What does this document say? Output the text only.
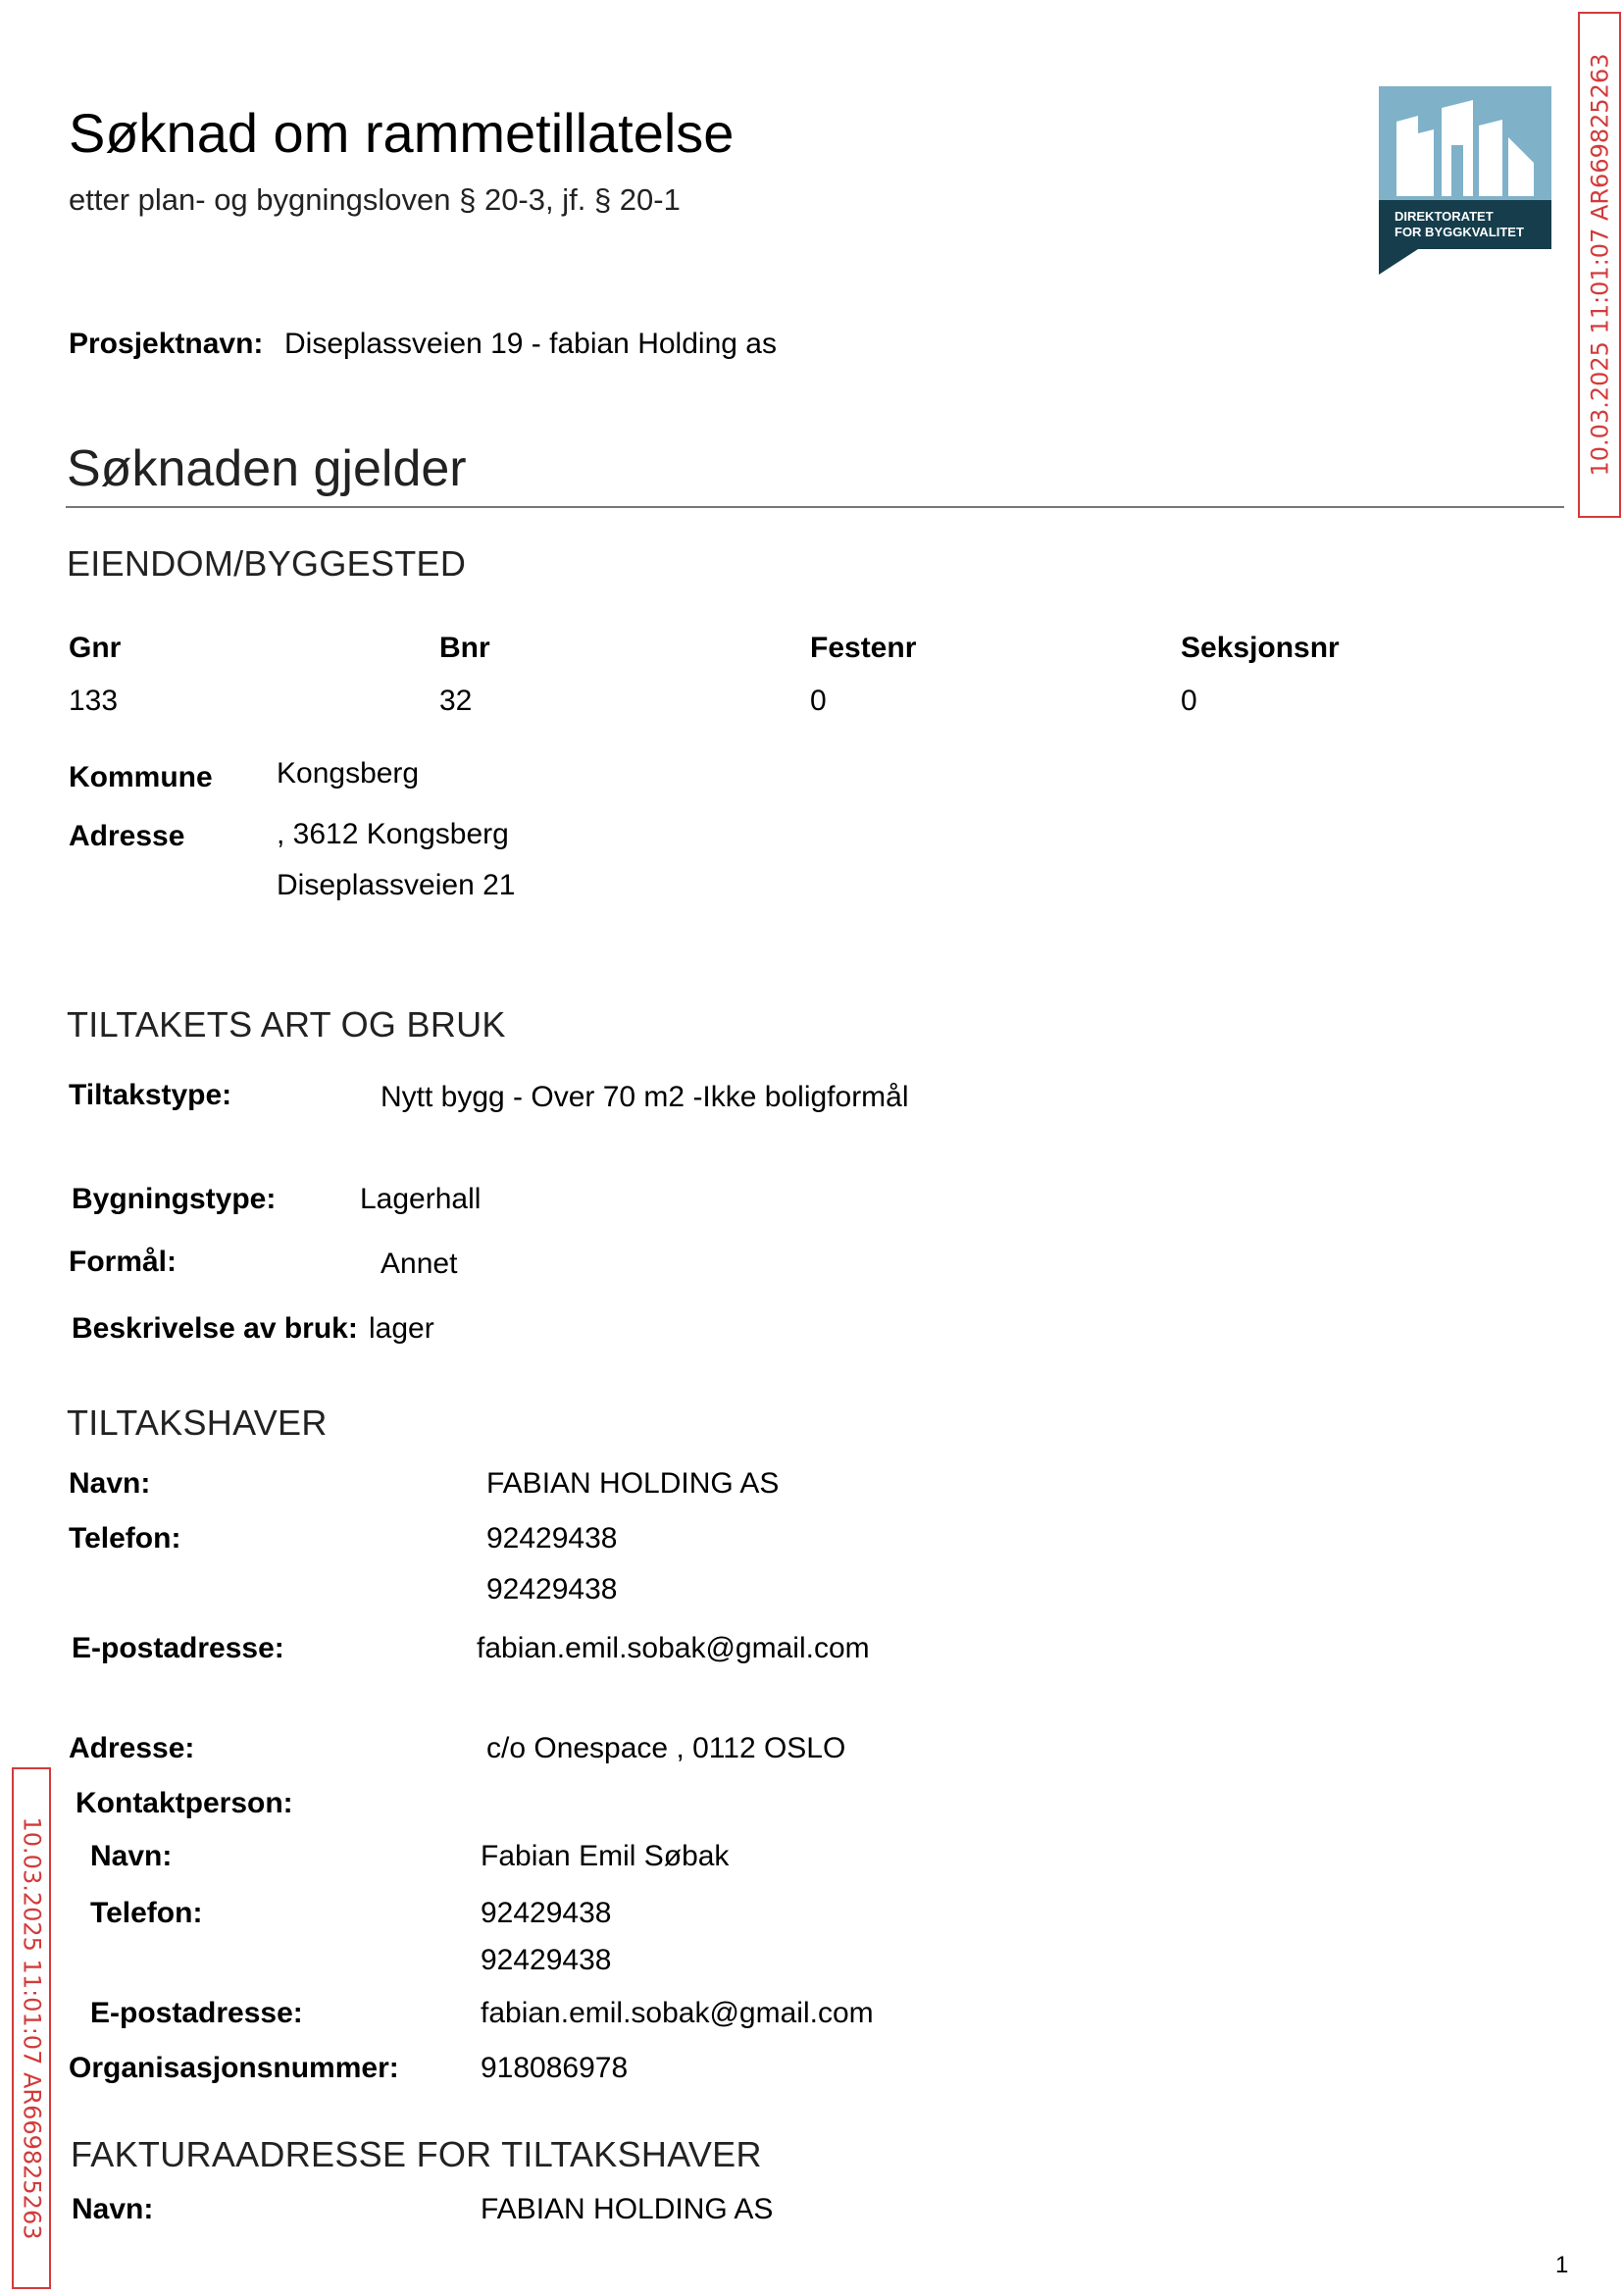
Søknad om rammetillatelse
etter plan- og bygningsloven § 20-3, jf. § 20-1	DIREKTORATET
FOR BYGGKVALITET	10.03.2025 11:01:07 AR669825263
10.03.2025 11:01:07 AR669825263
Prosjektnavn: Diseplassveien 19 - fabian Holding as
Søknaden gjelder
EIENDOM/BYGGESTED
Gnr	Bnr	Festenr	Seksjonsnr
133	32	0	0
Kommune Kongsberg
Adresse	, 3612 Kongsberg
Diseplassveien 21
TILTAKETS ART OG BRUK
Tiltakstype:	Nytt bygg - Over 70 m2 -Ikke boligformål
Bygningstype:	Lagerhall
Formål:	Annet
Beskrivelse av bruk: lager
TILTAKSHAVER
Navn:	FABIAN HOLDING AS
Telefon:	92429438
92429438
E-postadresse:	fabian.emil.sobak@gmail.com
Adresse:	c/o Onespace , 0112 OSLO
Kontaktperson:
Navn:	Fabian Emil Søbak
Telefon:	92429438
92429438
E-postadresse:	fabian.emil.sobak@gmail.com
Organisasjonsnummer:	918086978
FAKTURAADRESSE FOR TILTAKSHAVER
Navn:	FABIAN HOLDING AS
1
